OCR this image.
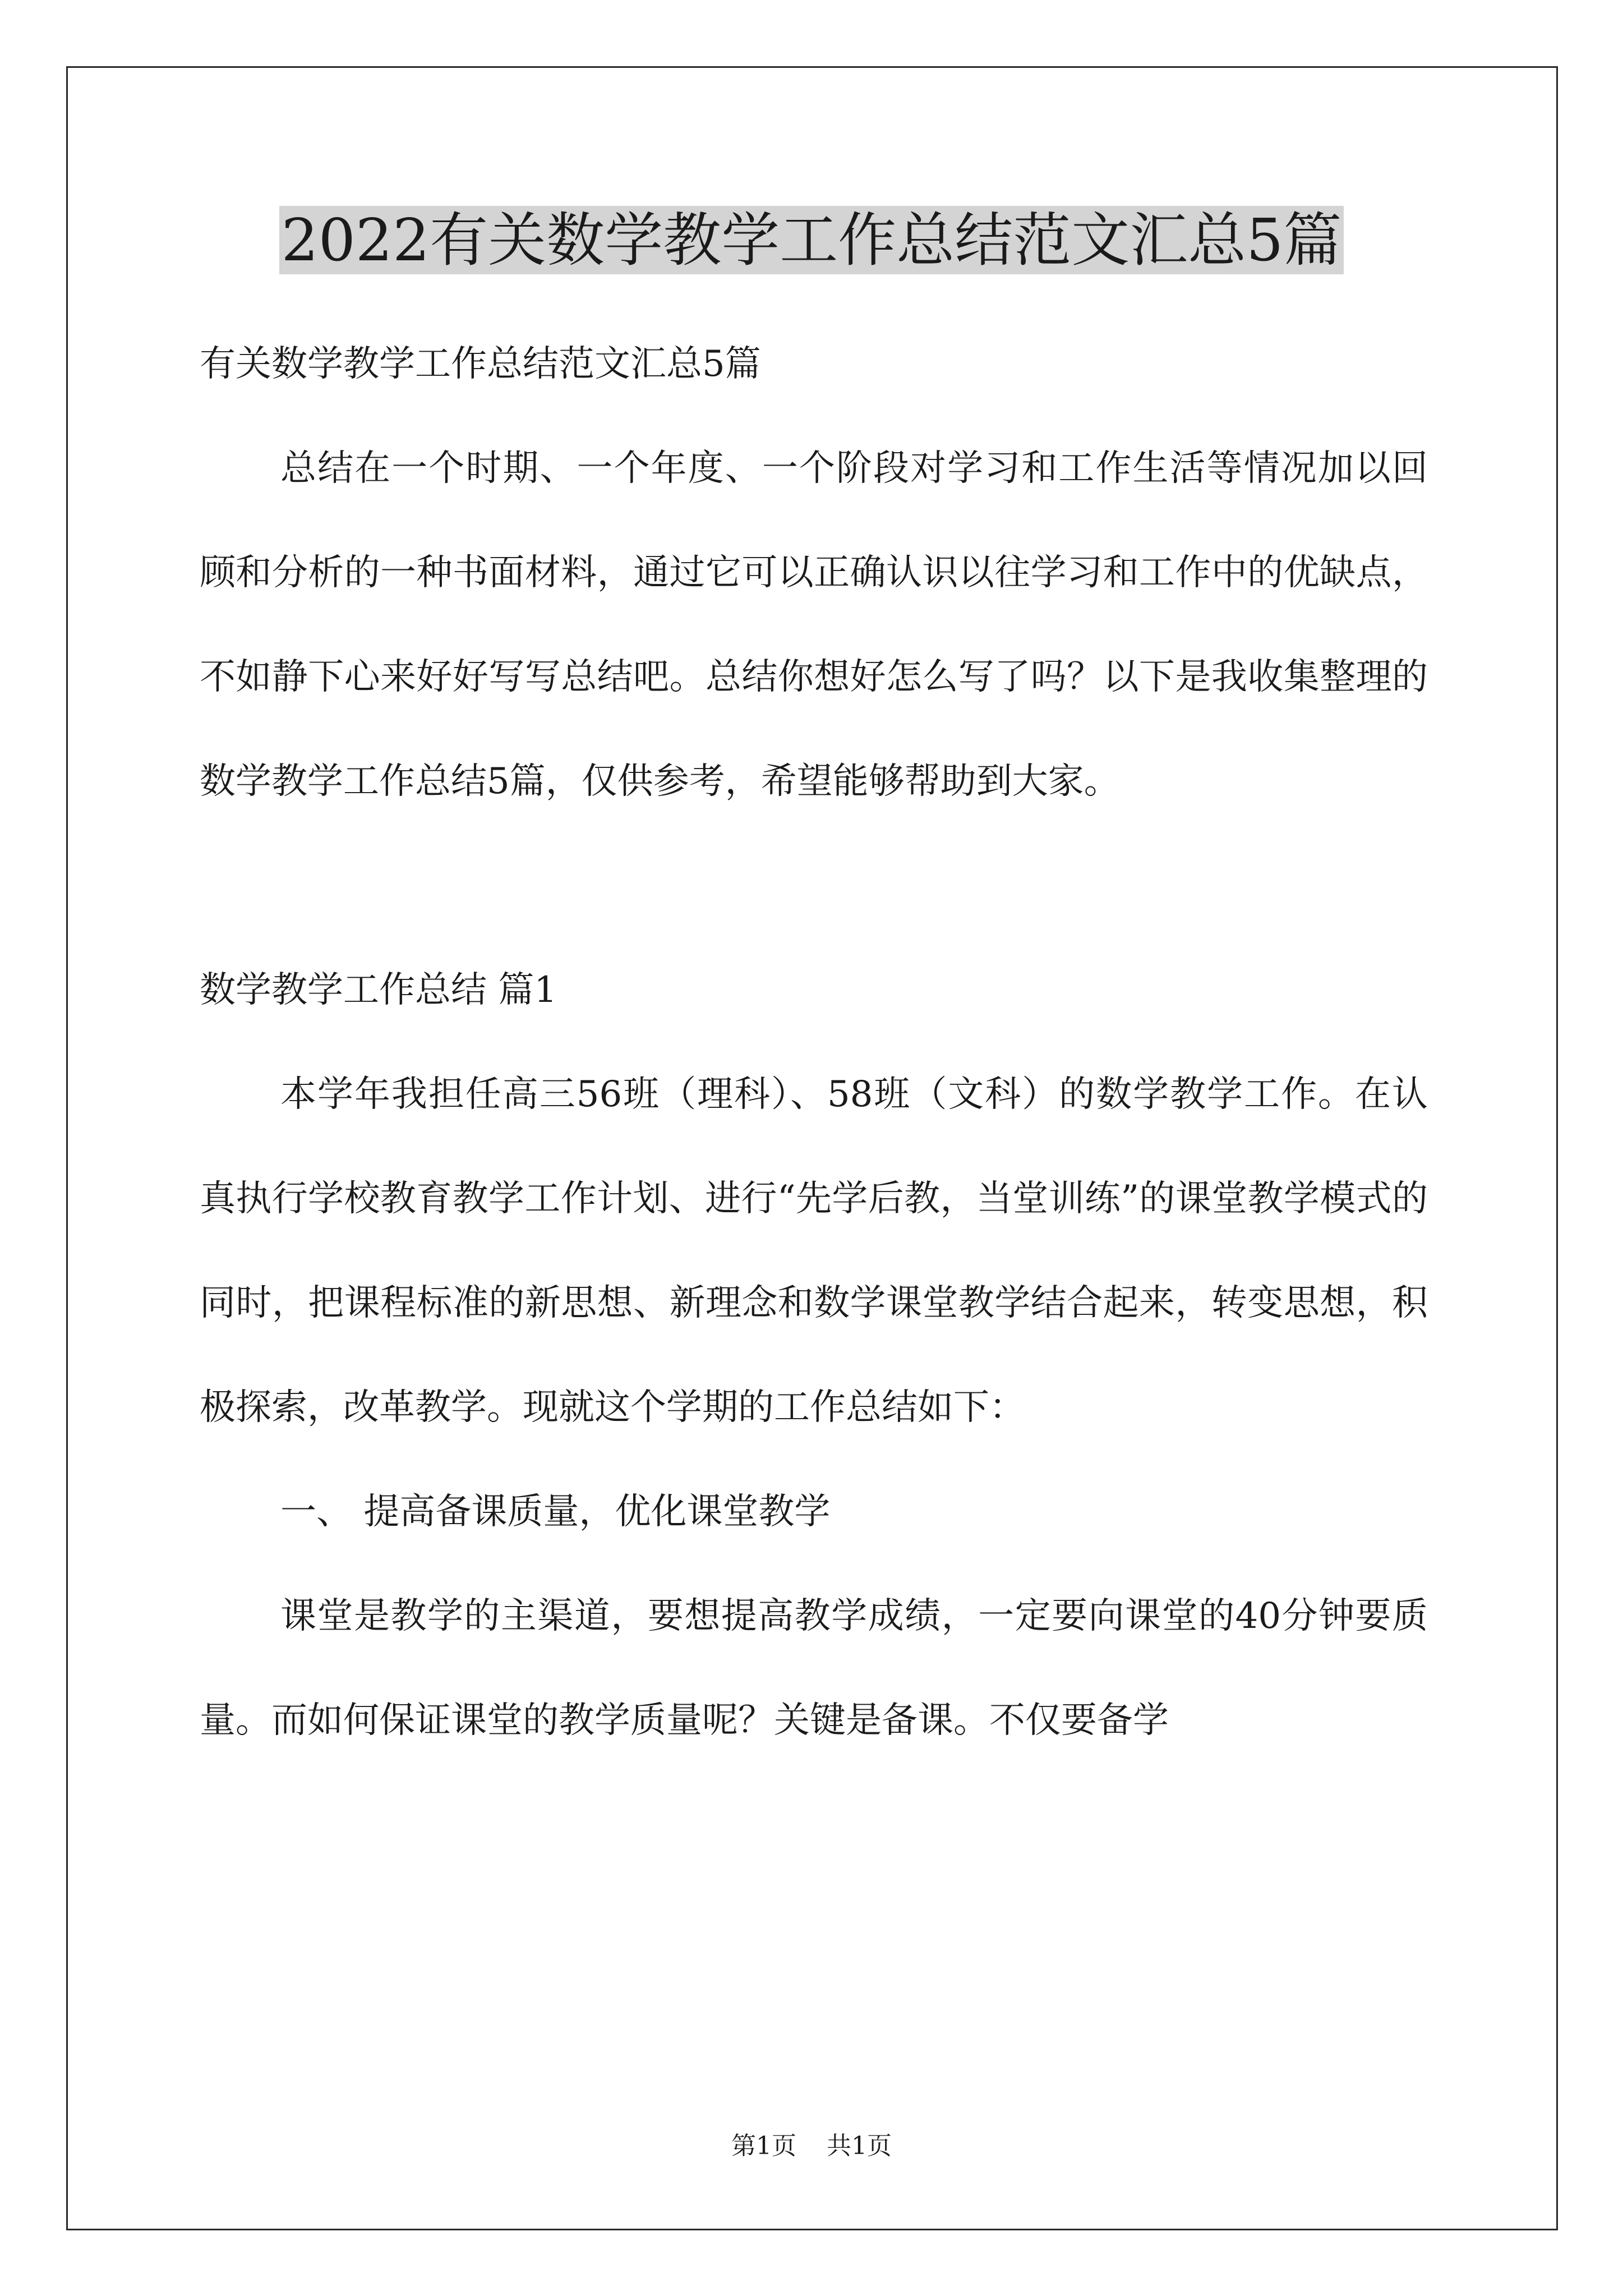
2022有关数学教学工作总结范文汇总5篇

有关数学教学工作总结范文汇总5篇

总结在一个时期、一个年度、一个阶段对学习和工作生活等情况加以回顾和分析的一种书面材料，通过它可以正确认识以往学习和工作中的优缺点，不如静下心来好好写写总结吧。总结你想好怎么写了吗？以下是我收集整理的数学教学工作总结5篇，仅供参考，希望能够帮助到大家。

数学教学工作总结 篇1

本学年我担任高三56班（理科）、58班（文科）的数学教学工作。在认真执行学校教育教学工作计划、进行“先学后教，当堂训练”的课堂教学模式的同时，把课程标准的新思想、新理念和数学课堂教学结合起来，转变思想，积极探索，改革教学。现就这个学期的工作总结如下：

一、 提高备课质量，优化课堂教学

课堂是教学的主渠道，要想提高教学成绩，一定要向课堂的40分钟要质量。而如何保证课堂的教学质量呢？关键是备课。不仅要备学

第1页 共1页
